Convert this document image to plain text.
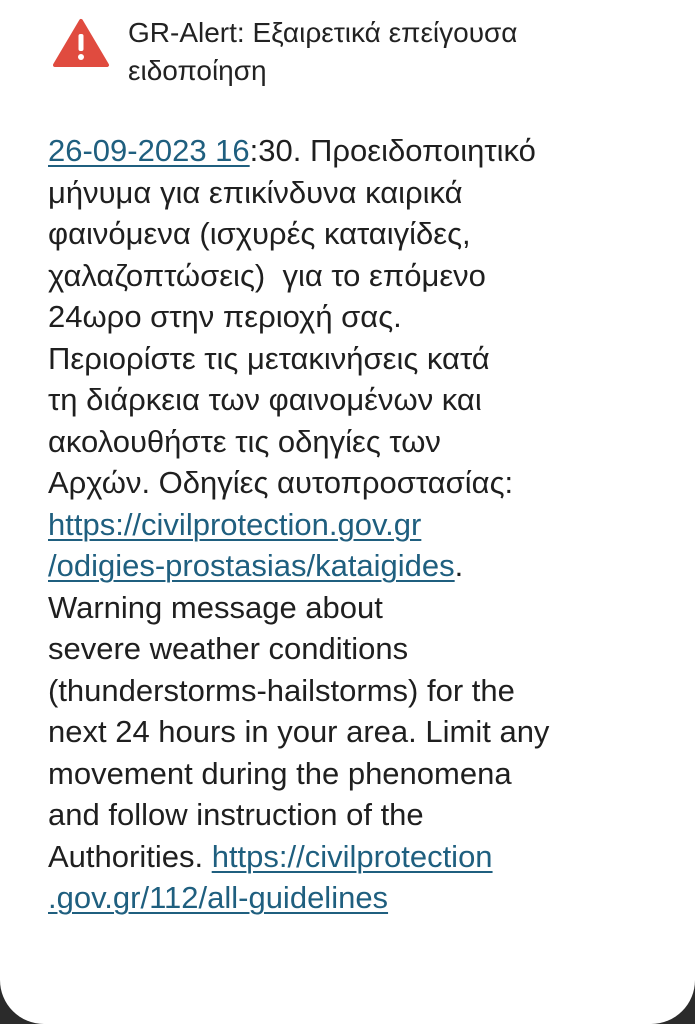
GR-Alert: Εξαιρετικά επείγουσα
ειδοποίηση
26-09-2023 16:30. Προειδοποιητικό
μήνυμα για επικίνδυνα καιρικά
φαινόμενα (ισχυρές καταιγίδες,
χαλαζοπτώσεις)  για το επόμενο
24ωρο στην περιοχή σας.
Περιορίστε τις μετακινήσεις κατά
τη διάρκεια των φαινομένων και
ακολουθήστε τις οδηγίες των
Αρχών. Οδηγίες αυτοπροστασίας:
https://civilprotection.gov.gr
/odigies-prostasias/kataigides.
Warning message about
severe weather conditions
(thunderstorms-hailstorms) for the
next 24 hours in your area. Limit any
movement during the phenomena
and follow instruction of the
Authorities. https://civilprotection
.gov.gr/112/all-guidelines
